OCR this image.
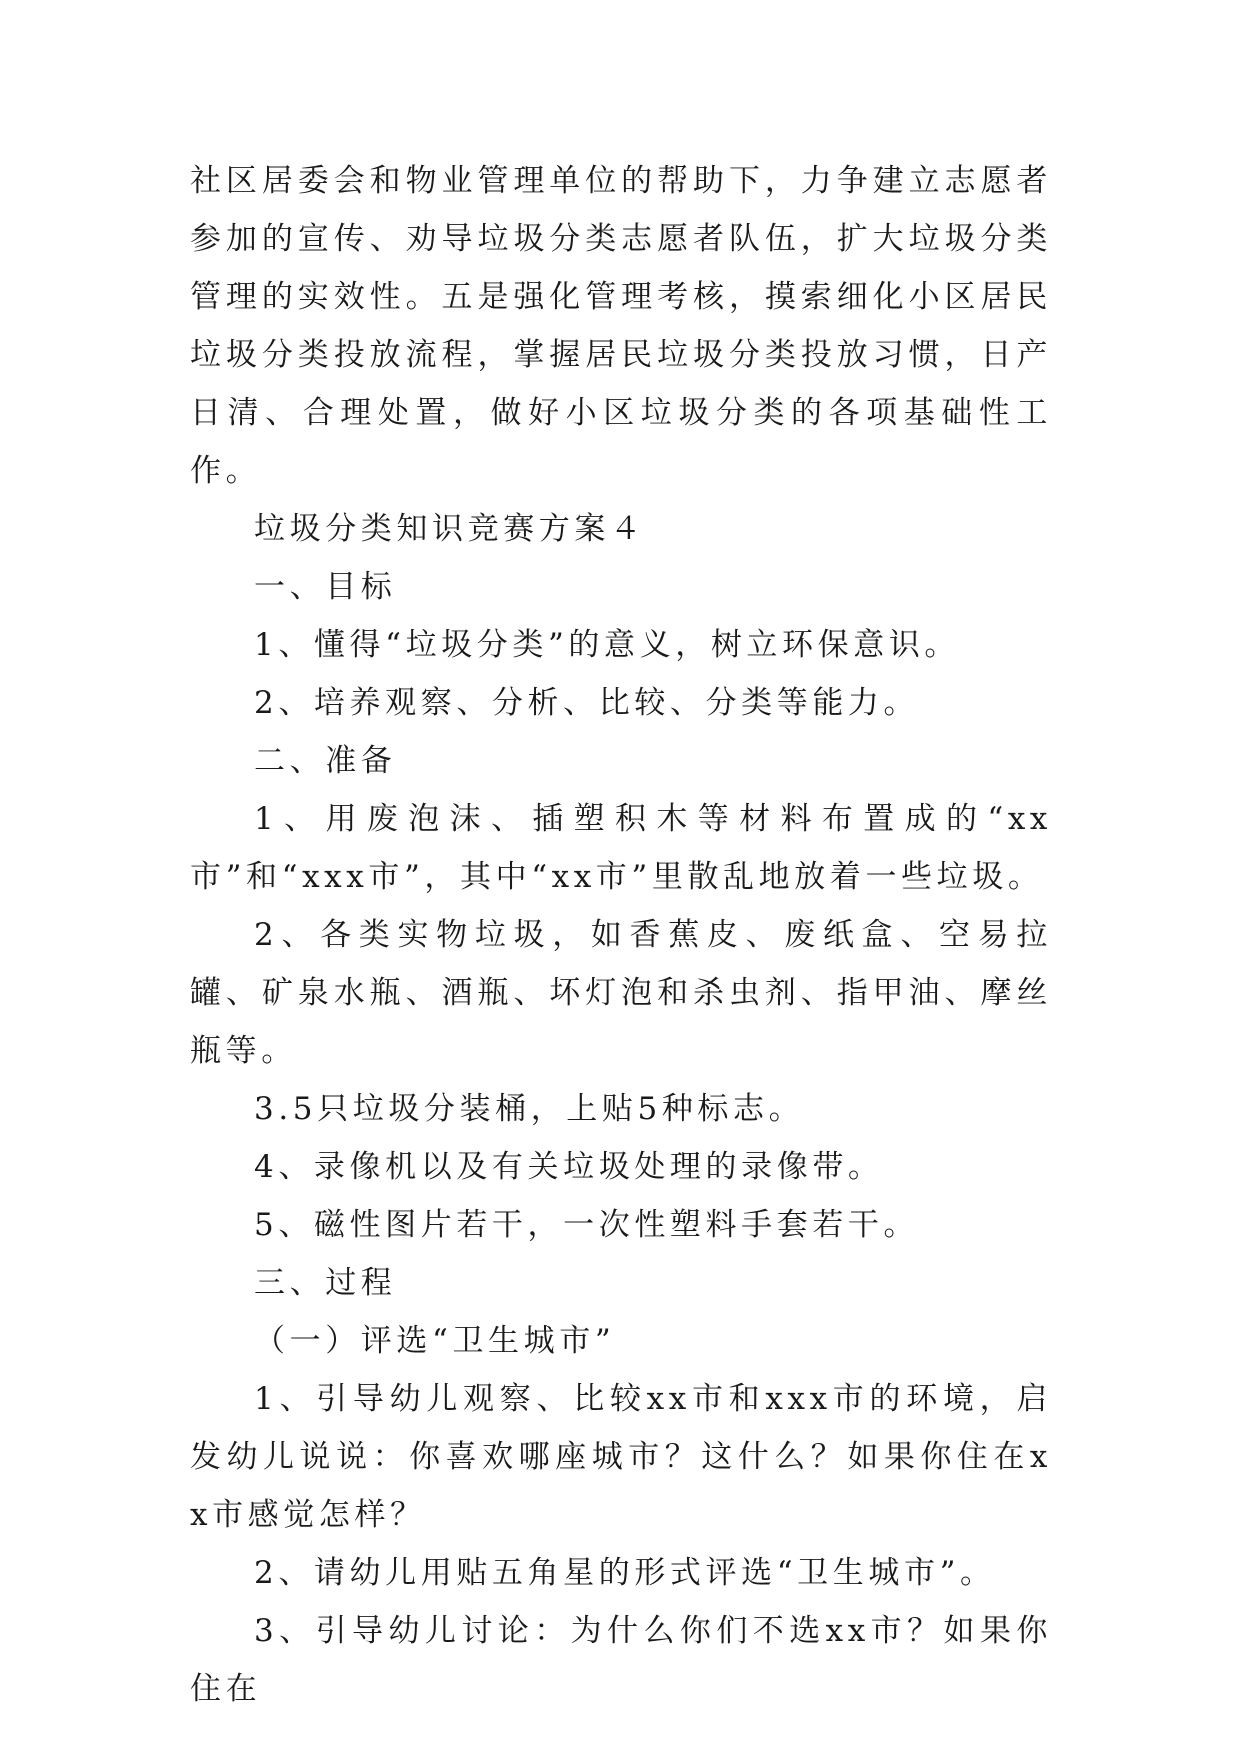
社区居委会和物业管理单位的帮助下，力争建立志愿者参加的宣传、劝导垃圾分类志愿者队伍，扩大垃圾分类管理的实效性。五是强化管理考核，摸索细化小区居民垃圾分类投放流程，掌握居民垃圾分类投放习惯，日产日清、合理处置，做好小区垃圾分类的各项基础性工作。

垃圾分类知识竞赛方案４

一、目标

1、懂得“垃圾分类”的意义，树立环保意识。

2、培养观察、分析、比较、分类等能力。

二、准备

1、用废泡沫、插塑积木等材料布置成的“xx市”和“xxx市”，其中“xx市”里散乱地放着一些垃圾。

2、各类实物垃圾，如香蕉皮、废纸盒、空易拉罐、矿泉水瓶、酒瓶、坏灯泡和杀虫剂、指甲油、摩丝瓶等。

3.5只垃圾分装桶，上贴5种标志。

4、录像机以及有关垃圾处理的录像带。

5、磁性图片若干，一次性塑料手套若干。

三、过程

（一）评选“卫生城市”

1、引导幼儿观察、比较xx市和xxx市的环境，启发幼儿说说：你喜欢哪座城市？这什么？如果你住在xx市感觉怎样？

2、请幼儿用贴五角星的形式评选“卫生城市”。

3、引导幼儿讨论：为什么你们不选xx市？如果你住在
